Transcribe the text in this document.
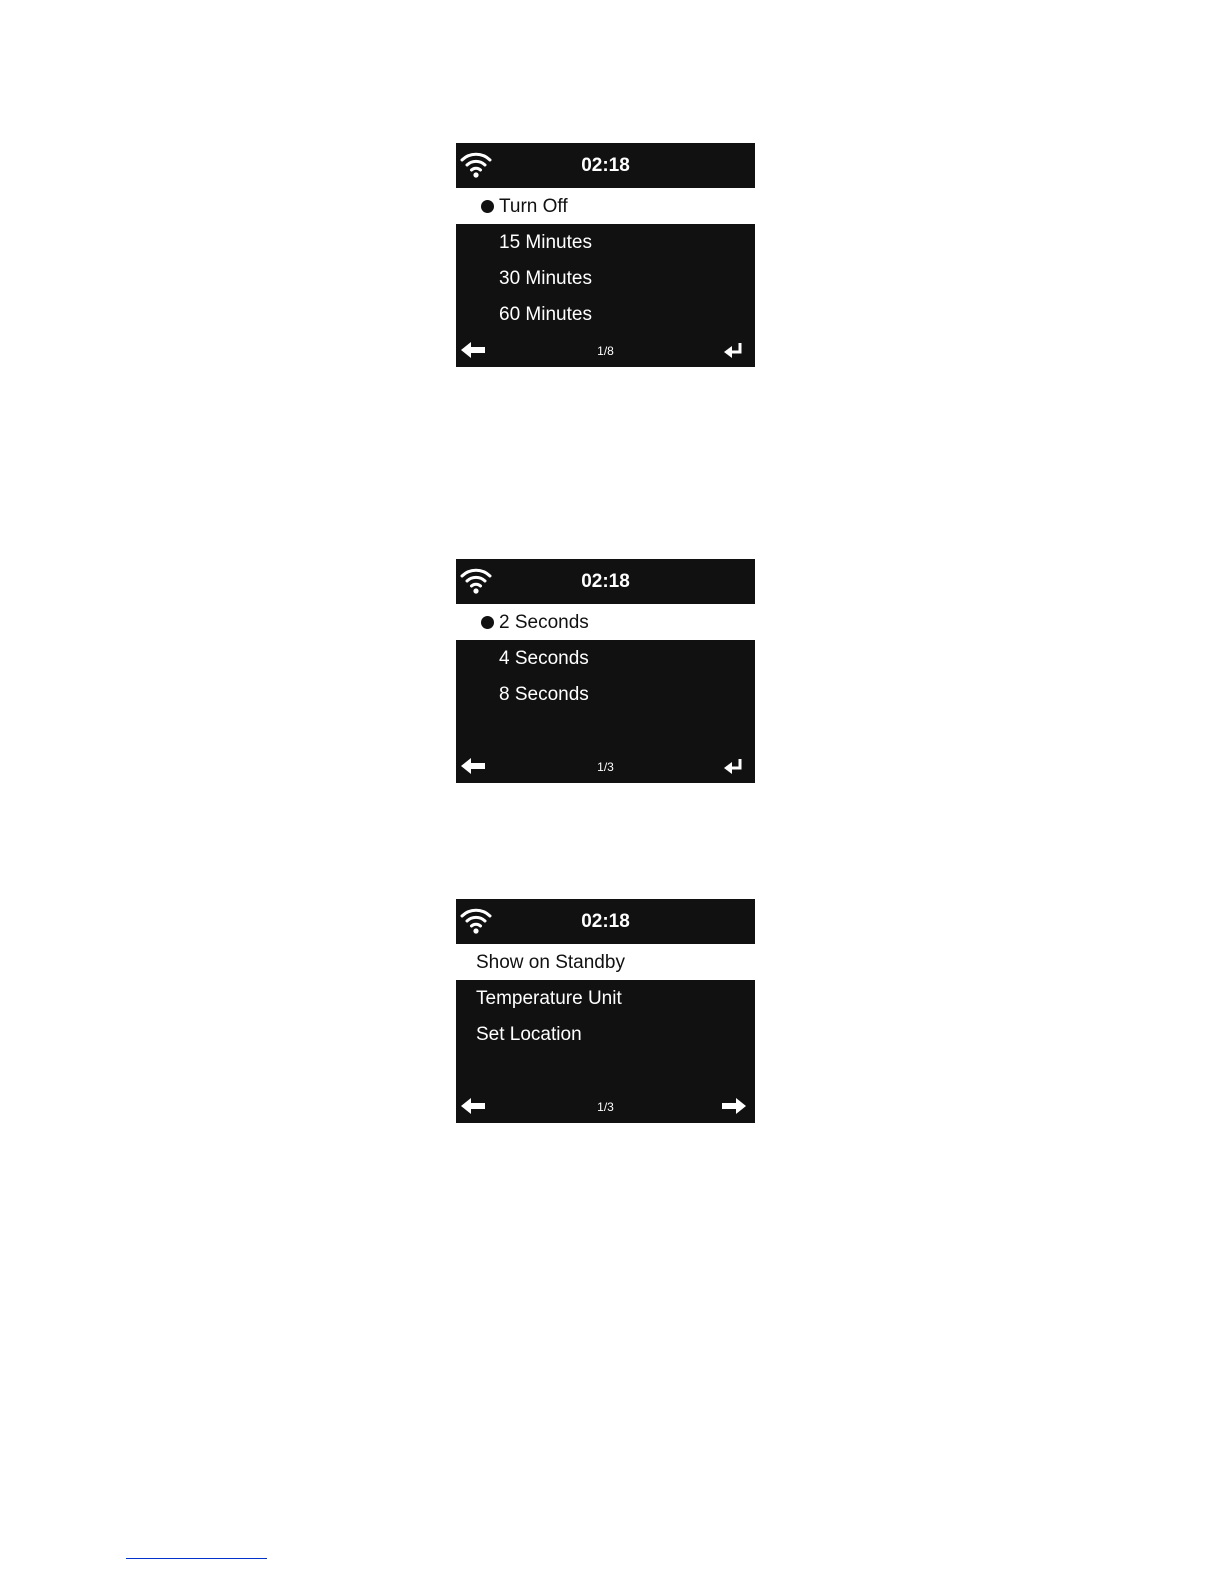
02:18
Turn Off
15 Minutes
30 Minutes
60 Minutes
1/8
02:18
2 Seconds
4 Seconds
8 Seconds
1/3
02:18
Show on Standby
Temperature Unit
Set Location
1/3
